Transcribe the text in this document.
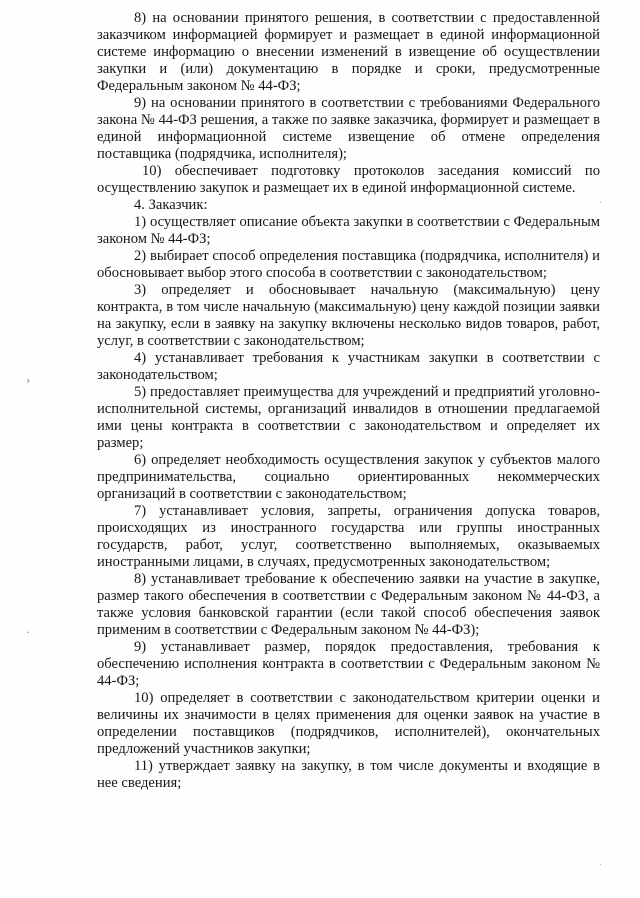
8) на основании принятого решения, в соответствии с предоставленной заказчиком информацией формирует и размещает в единой информационной системе информацию о внесении изменений в извещение об осуществлении закупки и (или) документацию в порядке и сроки, предусмотренные Федеральным законом № 44-ФЗ;

9) на основании принятого в соответствии с требованиями Федерального закона № 44-ФЗ решения, а также по заявке заказчика, формирует и размещает в единой информационной системе извещение об отмене определения поставщика (подрядчика, исполнителя);

10) обеспечивает подготовку протоколов заседания комиссий по осуществлению закупок и размещает их в единой информационной системе.

4. Заказчик:

1) осуществляет описание объекта закупки в соответствии с Федеральным законом № 44-ФЗ;

2) выбирает способ определения поставщика (подрядчика, исполнителя) и обосновывает выбор этого способа в соответствии с законодательством;

3) определяет и обосновывает начальную (максимальную) цену контракта, в том числе начальную (максимальную) цену каждой позиции заявки на закупку, если в заявку на закупку включены несколько видов товаров, работ, услуг, в соответствии с законодательством;

4) устанавливает требования к участникам закупки в соответствии с законодательством;

5) предоставляет преимущества для учреждений и предприятий уголовно-исполнительной системы, организаций инвалидов в отношении предлагаемой ими цены контракта в соответствии с законодательством и определяет их размер;

6) определяет необходимость осуществления закупок у субъектов малого предпринимательства, социально ориентированных некоммерческих организаций в соответствии с законодательством;

7) устанавливает условия, запреты, ограничения допуска товаров, происходящих из иностранного государства или группы иностранных государств, работ, услуг, соответственно выполняемых, оказываемых иностранными лицами, в случаях, предусмотренных законодательством;

8) устанавливает требование к обеспечению заявки на участие в закупке, размер такого обеспечения в соответствии с Федеральным законом № 44-ФЗ, а также условия банковской гарантии (если такой способ обеспечения заявок применим в соответствии с Федеральным законом № 44-ФЗ);

9) устанавливает размер, порядок предоставления, требования к обеспечению исполнения контракта в соответствии с Федеральным законом № 44-ФЗ;

10) определяет в соответствии с законодательством критерии оценки и величины их значимости в целях применения для оценки заявок на участие в определении поставщиков (подрядчиков, исполнителей), окончательных предложений участников закупки;

11) утверждает заявку на закупку, в том числе документы и входящие в нее сведения;

›
·
·
·
